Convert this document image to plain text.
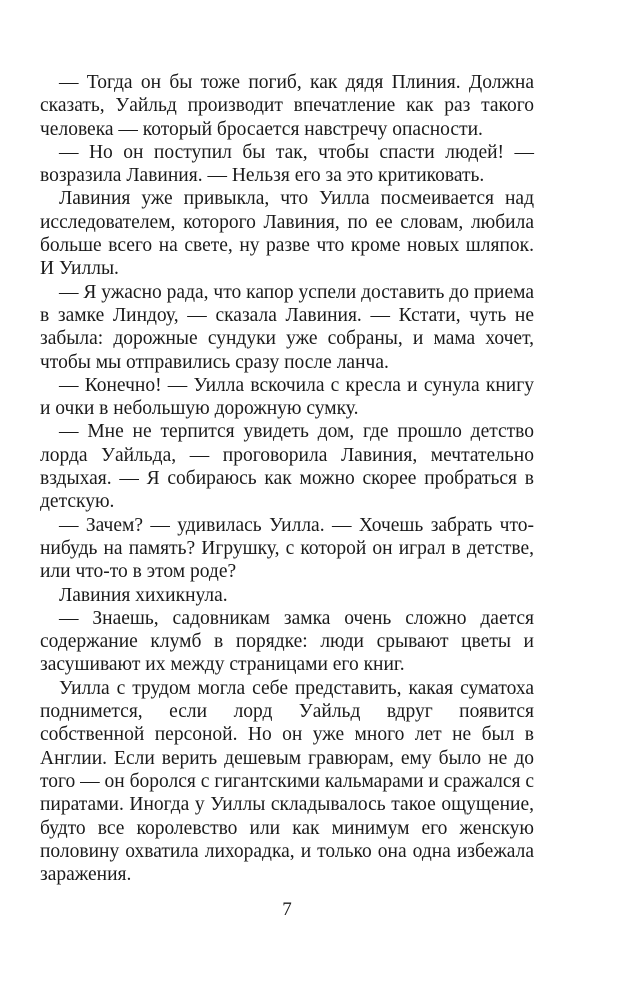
— Тогда он бы тоже погиб, как дядя Плиния. Должна сказать, Уайльд производит впечатление как раз такого человека — который бросается навстречу опасности.

— Но он поступил бы так, чтобы спасти людей! — возразила Лавиния. — Нельзя его за это критиковать.

Лавиния уже привыкла, что Уилла посмеивается над исследователем, которого Лавиния, по ее словам, любила больше всего на свете, ну разве что кроме новых шляпок. И Уиллы.

— Я ужасно рада, что капор успели доставить до приема в замке Линдоу, — сказала Лавиния. — Кстати, чуть не забыла: дорожные сундуки уже собраны, и мама хочет, чтобы мы отправились сразу после ланча.

— Конечно! — Уилла вскочила с кресла и сунула книгу и очки в небольшую дорожную сумку.

— Мне не терпится увидеть дом, где прошло детство лорда Уайльда, — проговорила Лавиния, мечтательно вздыхая. — Я собираюсь как можно скорее пробраться в детскую.

— Зачем? — удивилась Уилла. — Хочешь забрать что-нибудь на память? Игрушку, с которой он играл в детстве, или что-то в этом роде?

Лавиния хихикнула.

— Знаешь, садовникам замка очень сложно дается содержание клумб в порядке: люди срывают цветы и засушивают их между страницами его книг.

Уилла с трудом могла себе представить, какая суматоха поднимется, если лорд Уайльд вдруг появится собственной персоной. Но он уже много лет не был в Англии. Если верить дешевым гравюрам, ему было не до того — он боролся с гигантскими кальмарами и сражался с пиратами. Иногда у Уиллы складывалось такое ощущение, будто все королевство или как минимум его женскую половину охватила лихорадка, и только она одна избежала заражения.

7
